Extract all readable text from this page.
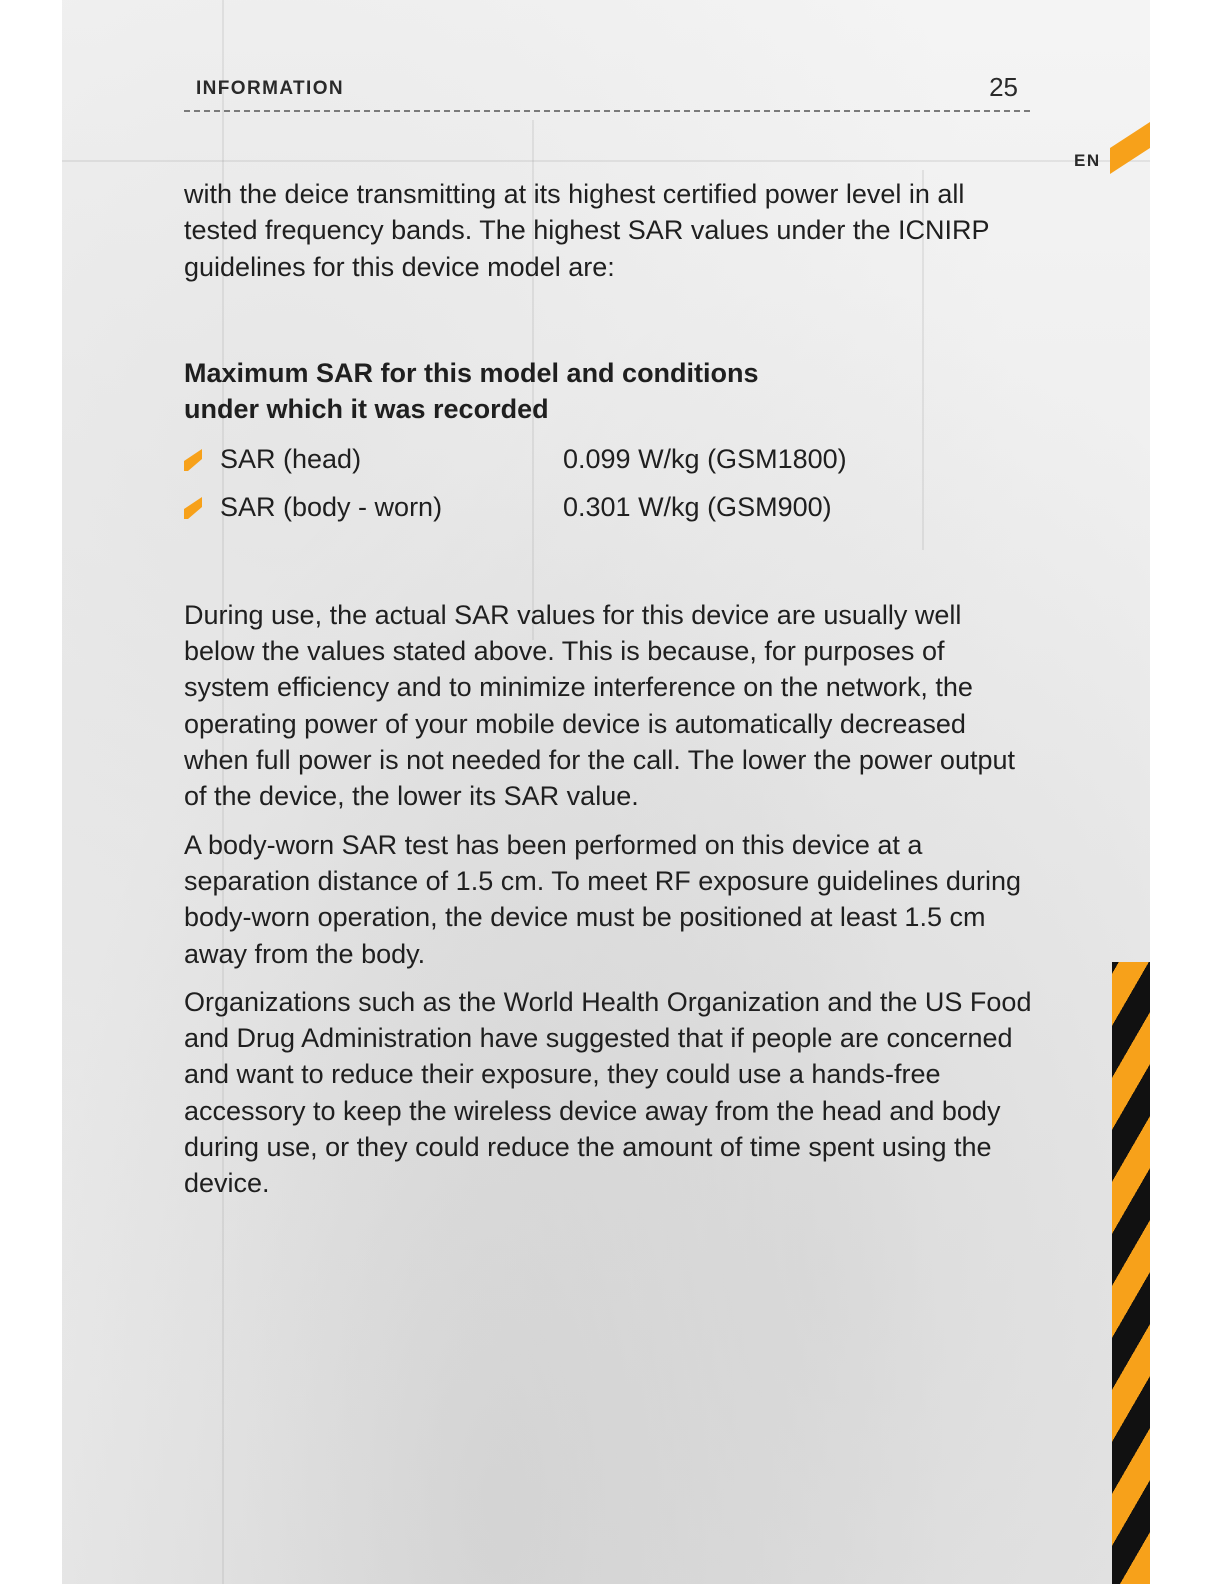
INFORMATION	25
EN

with the deice transmitting at its highest certified power level in all tested frequency bands. The highest SAR values under the ICNIRP guidelines for this device model are:

Maximum SAR for this model and conditions under which it was recorded

SAR (head)	0.099 W/kg (GSM1800)
SAR (body - worn)	0.301 W/kg (GSM900)

During use, the actual SAR values for this device are usually well below the values stated above. This is because, for purposes of system efficiency and to minimize interference on the network, the operating power of your mobile device is automatically decreased when full power is not needed for the call. The lower the power output of the device, the lower its SAR value.

A body-worn SAR test has been performed on this device at a separation distance of 1.5 cm. To meet RF exposure guidelines during body-worn operation, the device must be positioned at least 1.5 cm away from the body.

Organizations such as the World Health Organization and the US Food and Drug Administration have suggested that if people are concerned and want to reduce their exposure, they could use a hands-free accessory to keep the wireless device away from the head and body during use, or they could reduce the amount of time spent using the device.
